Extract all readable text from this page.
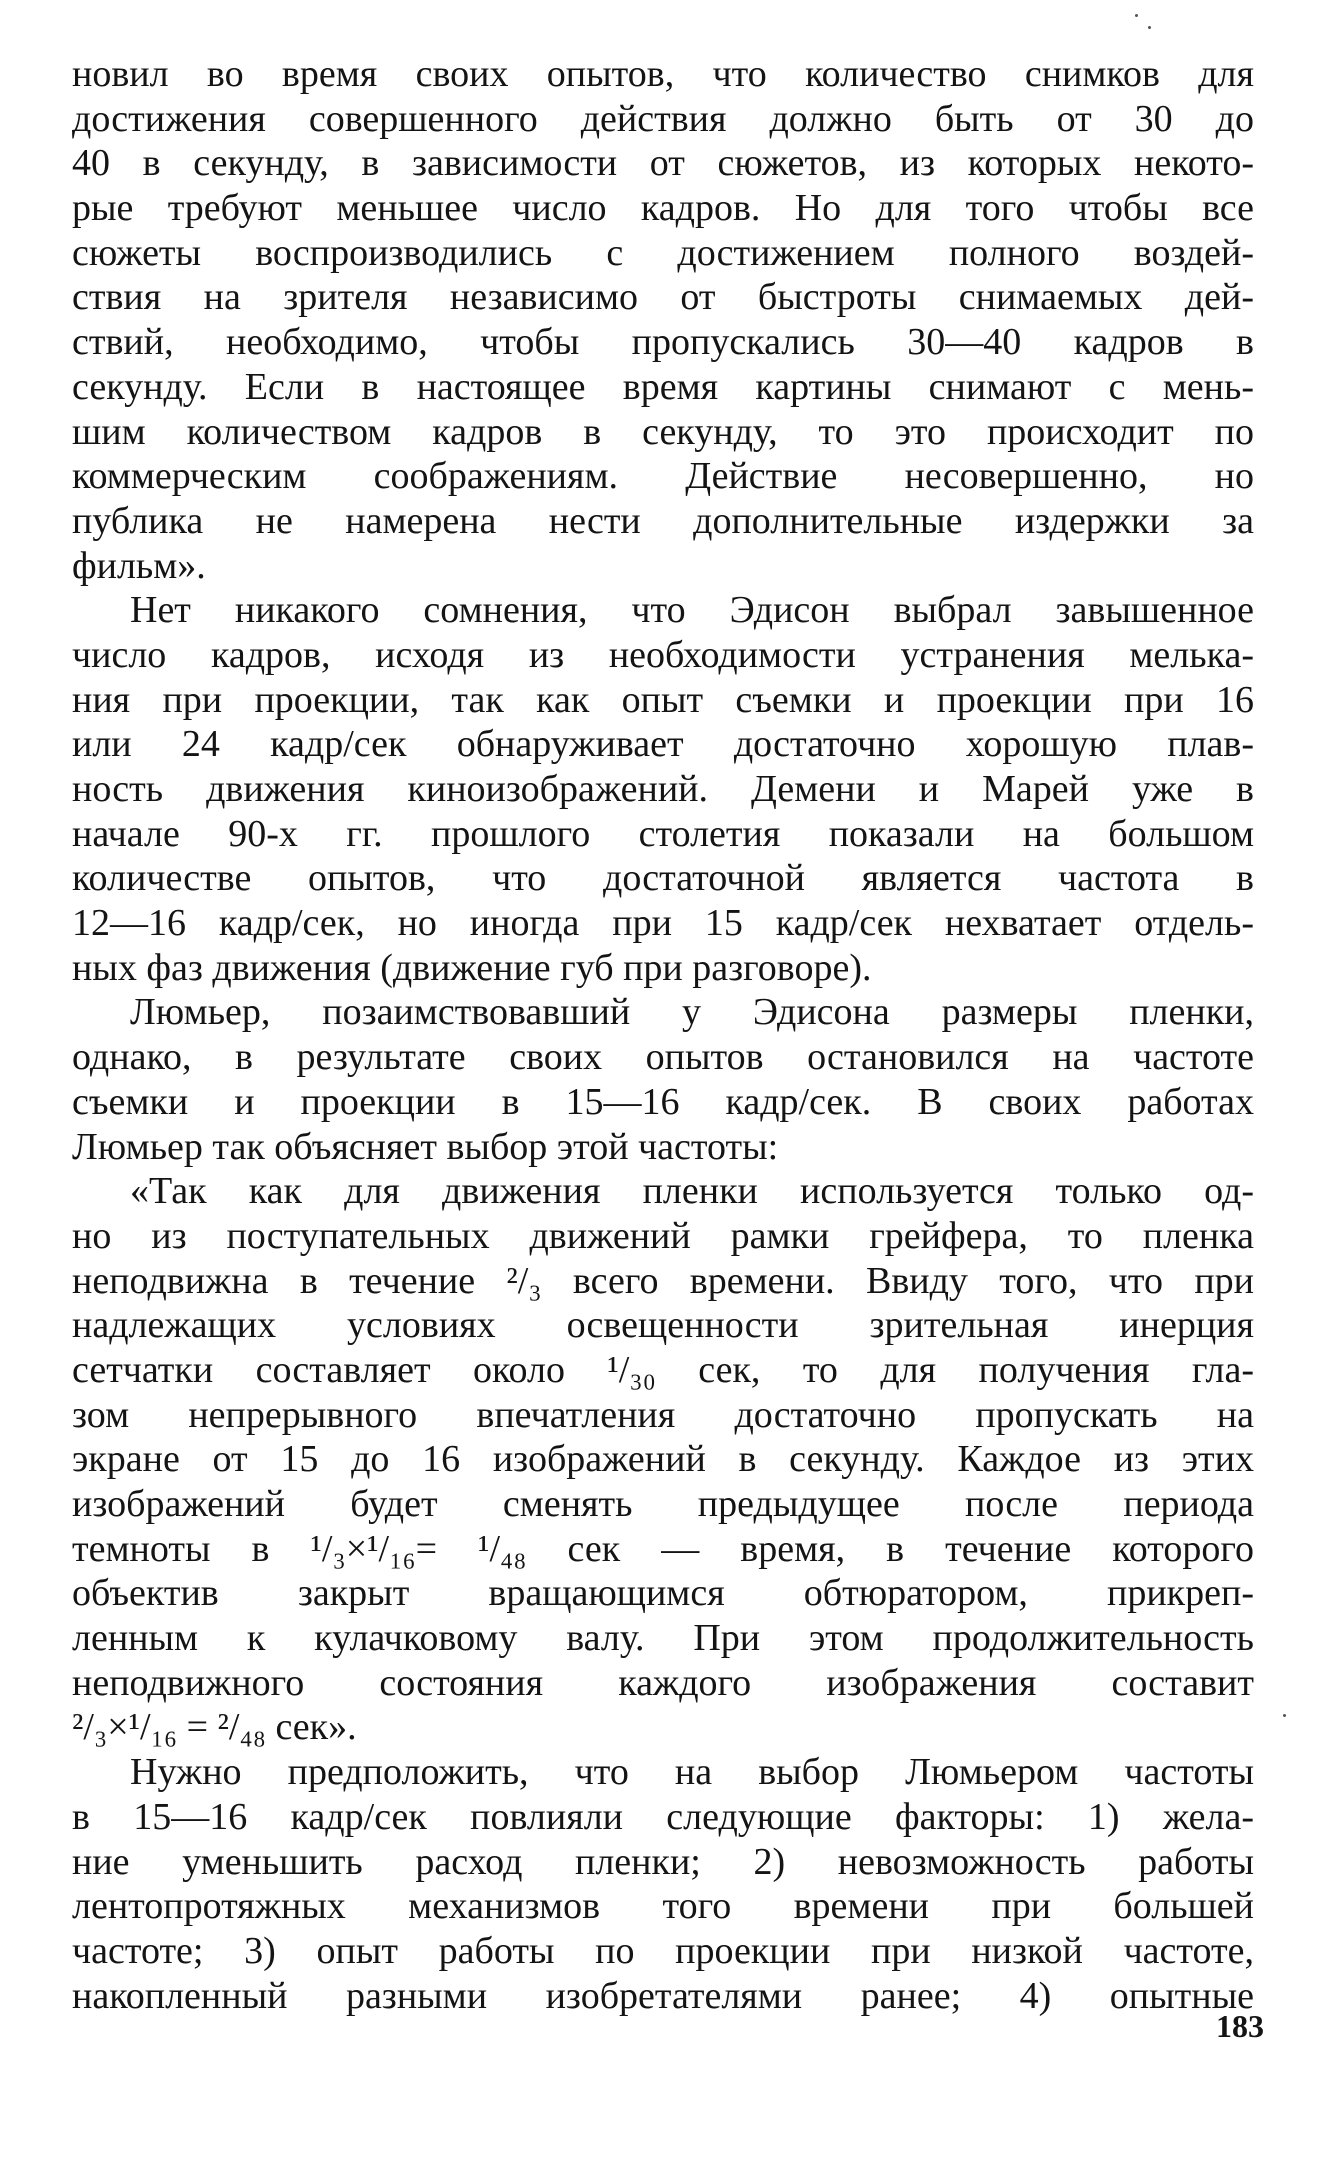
новил во время своих опытов, что количество снимков для
достижения совершенного действия должно быть от 30 до
40 в секунду, в зависимости от сюжетов, из которых некото-
рые требуют меньшее число кадров. Но для того чтобы все
сюжеты воспроизводились с достижением полного воздей-
ствия на зрителя независимо от быстроты снимаемых дей-
ствий, необходимо, чтобы пропускались 30—40 кадров в
секунду. Если в настоящее время картины снимают с мень-
шим количеством кадров в секунду, то это происходит по
коммерческим соображениям. Действие несовершенно, но
публика не намерена нести дополнительные издержки за
фильм».
Нет никакого сомнения, что Эдисон выбрал завышенное
число кадров, исходя из необходимости устранения мелька-
ния при проекции, так как опыт съемки и проекции при 16
или 24 кадр/сек обнаруживает достаточно хорошую плав-
ность движения киноизображений. Демени и Марей уже в
начале 90-х гг. прошлого столетия показали на большом
количестве опытов, что достаточной является частота в
12—16 кадр/сек, но иногда при 15 кадр/сек нехватает отдель-
ных фаз движения (движение губ при разговоре).
Люмьер, позаимствовавший у Эдисона размеры пленки,
однако, в результате своих опытов остановился на частоте
съемки и проекции в 15—16 кадр/сек. В своих работах
Люмьер так объясняет выбор этой частоты:
«Так как для движения пленки используется только од-
но из поступательных движений рамки грейфера, то пленка
неподвижна в течение ²/₃ всего времени. Ввиду того, что при
надлежащих условиях освещенности зрительная инерция
сетчатки составляет около ¹/₃₀ сек, то для получения гла-
зом непрерывного впечатления достаточно пропускать на
экране от 15 до 16 изображений в секунду. Каждое из этих
изображений будет сменять предыдущее после периода
темноты в ¹/₃×¹/₁₆= ¹/₄₈ сек — время, в течение которого
объектив закрыт вращающимся обтюратором, прикреп-
ленным к кулачковому валу. При этом продолжительность
неподвижного состояния каждого изображения составит
²/₃×¹/₁₆ = ²/₄₈ сек».
Нужно предположить, что на выбор Люмьером частоты
в 15—16 кадр/сек повлияли следующие факторы: 1) жела-
ние уменьшить расход пленки; 2) невозможность работы
лентопротяжных механизмов того времени при большей
частоте; 3) опыт работы по проекции при низкой частоте,
накопленный разными изобретателями ранее; 4) опытные
183
